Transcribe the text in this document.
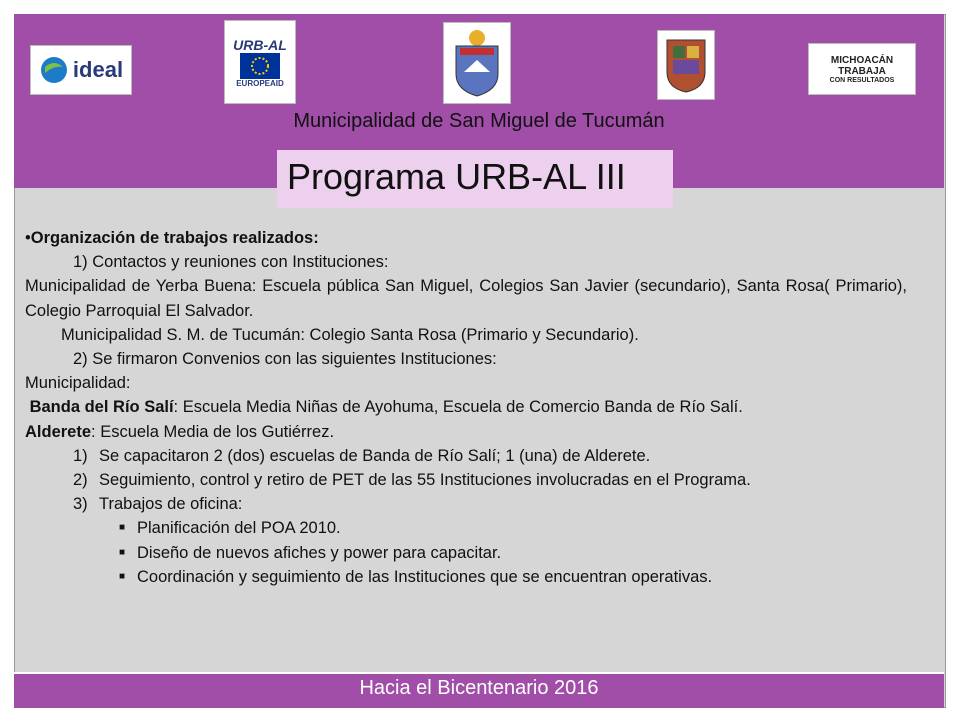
ideal
URB-AL
EUROPEAID
MICHOACÁN TRABAJA
CON RESULTADOS
Municipalidad de San Miguel de Tucumán
Programa URB-AL III

•Organización de trabajos realizados:

1) Contactos y reuniones con Instituciones:

Municipalidad de Yerba Buena: Escuela pública San Miguel, Colegios San Javier (secundario), Santa Rosa( Primario), Colegio Parroquial El Salvador.

Municipalidad S. M. de Tucumán: Colegio Santa Rosa (Primario y Secundario).

2) Se firmaron Convenios con las siguientes Instituciones:

Municipalidad:

Banda del Río Salí: Escuela Media Niñas de Ayohuma, Escuela de Comercio Banda de Río Salí.

Alderete: Escuela Media de los Gutiérrez.

1) Se capacitaron 2 (dos) escuelas de Banda de Río Salí; 1 (una) de Alderete.
2) Seguimiento, control y retiro de PET de las 55 Instituciones involucradas en el Programa.
3) Trabajos de oficina:
■ Planificación del POA 2010.
■ Diseño de nuevos afiches y power para capacitar.
■ Coordinación y seguimiento de las Instituciones que se encuentran operativas.
Hacia el Bicentenario 2016
